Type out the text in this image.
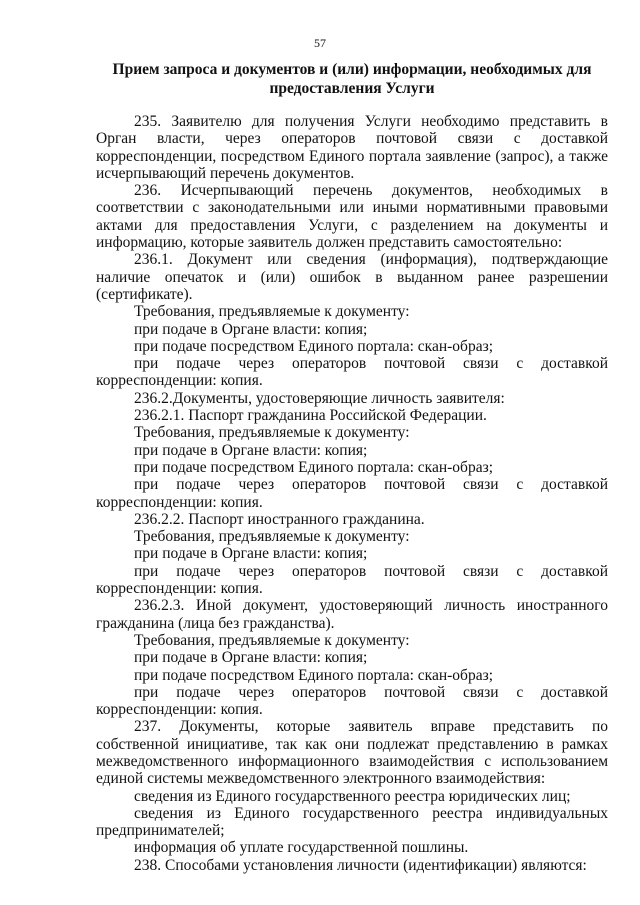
57
Прием запроса и документов и (или) информации, необходимых для предоставления Услуги

235. Заявителю для получения Услуги необходимо представить в Орган власти, через операторов почтовой связи с доставкой корреспонденции, посредством Единого портала заявление (запрос), а также исчерпывающий перечень документов.

236. Исчерпывающий перечень документов, необходимых в соответствии с законодательными или иными нормативными правовыми актами для предоставления Услуги, с разделением на документы и информацию, которые заявитель должен представить самостоятельно:

236.1. Документ или сведения (информация), подтверждающие наличие опечаток и (или) ошибок в выданном ранее разрешении (сертификате).

Требования, предъявляемые к документу:

при подаче в Органе власти: копия;

при подаче посредством Единого портала: скан-образ;

при подаче через операторов почтовой связи с доставкой корреспонденции: копия.

236.2.Документы, удостоверяющие личность заявителя:

236.2.1. Паспорт гражданина Российской Федерации.

Требования, предъявляемые к документу:

при подаче в Органе власти: копия;

при подаче посредством Единого портала: скан-образ;

при подаче через операторов почтовой связи с доставкой корреспонденции: копия.

236.2.2. Паспорт иностранного гражданина.

Требования, предъявляемые к документу:

при подаче в Органе власти: копия;

при подаче через операторов почтовой связи с доставкой корреспонденции: копия.

236.2.3. Иной документ, удостоверяющий личность иностранного гражданина (лица без гражданства).

Требования, предъявляемые к документу:

при подаче в Органе власти: копия;

при подаче посредством Единого портала: скан-образ;

при подаче через операторов почтовой связи с доставкой корреспонденции: копия.

237. Документы, которые заявитель вправе представить по собственной инициативе, так как они подлежат представлению в рамках межведомственного информационного взаимодействия с использованием единой системы межведомственного электронного взаимодействия:

сведения из Единого государственного реестра юридических лиц;

сведения из Единого государственного реестра индивидуальных предпринимателей;

информация об уплате государственной пошлины.

238. Способами установления личности (идентификации) являются:
